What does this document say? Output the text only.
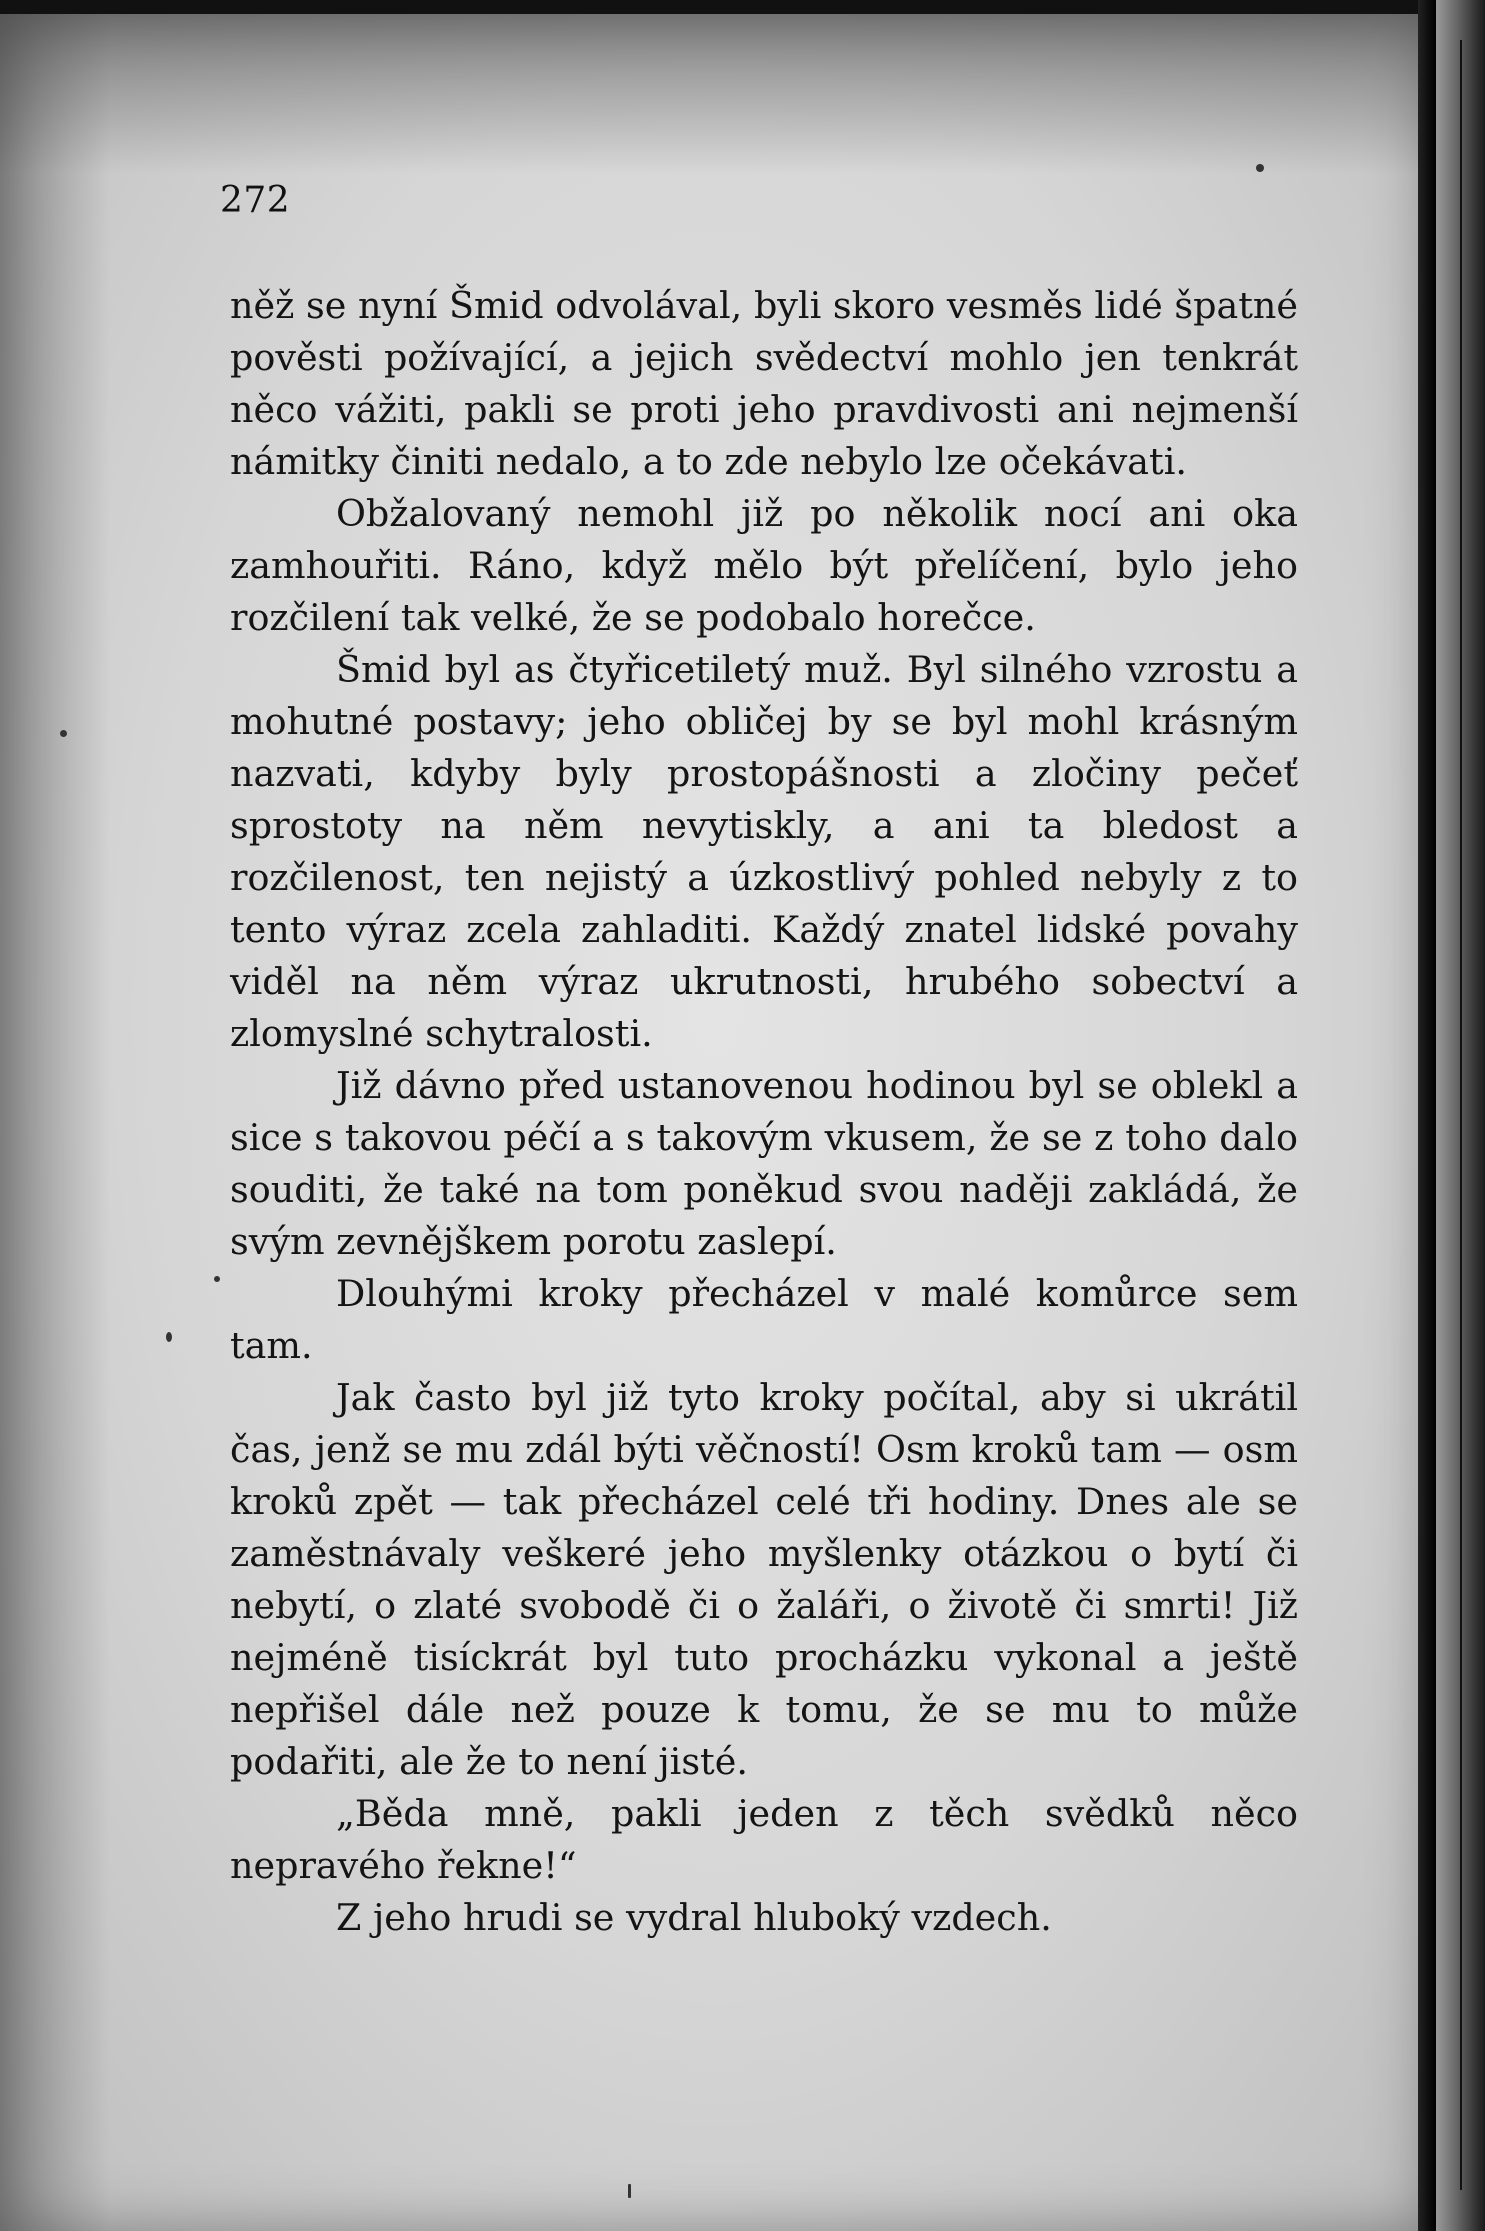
272

něž se nyní Šmid odvolával, byli skoro vesměs lidé špatné pověsti požívající, a jejich svědectví mohlo jen tenkrát něco vážiti, pakli se proti jeho pravdivosti ani nejmenší námitky činiti nedalo, a to zde nebylo lze očekávati.

Obžalovaný nemohl již po několik nocí ani oka zamhouřiti. Ráno, když mělo být přelíčení, bylo jeho rozčilení tak velké, že se podobalo horečce.

Šmid byl as čtyřicetiletý muž. Byl silného vzrostu a mohutné postavy; jeho obličej by se byl mohl krásným nazvati, kdyby byly prostopášnosti a zločiny pečeť sprostoty na něm nevytiskly, a ani ta bledost a rozčilenost, ten nejistý a úzkostlivý pohled nebyly z to tento výraz zcela zahladiti. Každý znatel lidské povahy viděl na něm výraz ukrutnosti, hrubého sobectví a zlomyslné schytralosti.

Již dávno před ustanovenou hodinou byl se oblekl a sice s takovou péčí a s takovým vkusem, že se z toho dalo souditi, že také na tom poněkud svou naději zakládá, že svým zevnějškem porotu zaslepí.

Dlouhými kroky přecházel v malé komůrce sem tam.

Jak často byl již tyto kroky počítal, aby si ukrátil čas, jenž se mu zdál býti věčností! Osm kroků tam — osm kroků zpět — tak přecházel celé tři hodiny. Dnes ale se zaměstnávaly veškeré jeho myšlenky otázkou o bytí či nebytí, o zlaté svobodě či o žaláři, o životě či smrti! Již nejméně tisíckrát byl tuto procházku vykonal a ještě nepřišel dále než pouze k tomu, že se mu to může podařiti, ale že to není jisté.

„Běda mně, pakli jeden z těch svědků něco nepravého řekne!“

Z jeho hrudi se vydral hluboký vzdech.
